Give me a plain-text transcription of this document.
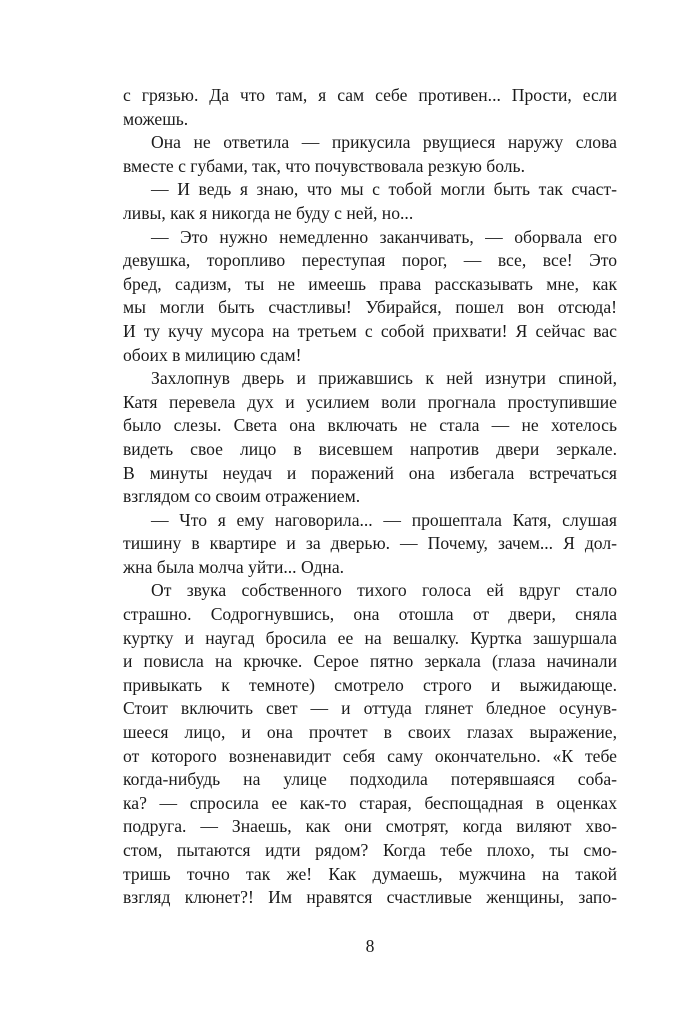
с грязью. Да что там, я сам себе противен... Прости, если
можешь.
Она не ответила — прикусила рвущиеся наружу слова
вместе с губами, так, что почувствовала резкую боль.
— И ведь я знаю, что мы с тобой могли быть так счаст-
ливы, как я никогда не буду с ней, но...
— Это нужно немедленно заканчивать, — оборвала его
девушка, торопливо переступая порог, — все, все! Это
бред, садизм, ты не имеешь права рассказывать мне, как
мы могли быть счастливы! Убирайся, пошел вон отсюда!
И ту кучу мусора на третьем с собой прихвати! Я сейчас вас
обоих в милицию сдам!
Захлопнув дверь и прижавшись к ней изнутри спиной,
Катя перевела дух и усилием воли прогнала проступившие
было слезы. Света она включать не стала — не хотелось
видеть свое лицо в висевшем напротив двери зеркале.
В минуты неудач и поражений она избегала встречаться
взглядом со своим отражением.
— Что я ему наговорила... — прошептала Катя, слушая
тишину в квартире и за дверью. — Почему, зачем... Я дол-
жна была молча уйти... Одна.
От звука собственного тихого голоса ей вдруг стало
страшно. Содрогнувшись, она отошла от двери, сняла
куртку и наугад бросила ее на вешалку. Куртка зашуршала
и повисла на крючке. Серое пятно зеркала (глаза начинали
привыкать к темноте) смотрело строго и выжидающе.
Стоит включить свет — и оттуда глянет бледное осунув-
шееся лицо, и она прочтет в своих глазах выражение,
от которого возненавидит себя саму окончательно. «К тебе
когда-нибудь на улице подходила потерявшаяся соба-
ка? — спросила ее как-то старая, беспощадная в оценках
подруга. — Знаешь, как они смотрят, когда виляют хво-
стом, пытаются идти рядом? Когда тебе плохо, ты смо-
тришь точно так же! Как думаешь, мужчина на такой
взгляд клюнет?! Им нравятся счастливые женщины, запо-
8
